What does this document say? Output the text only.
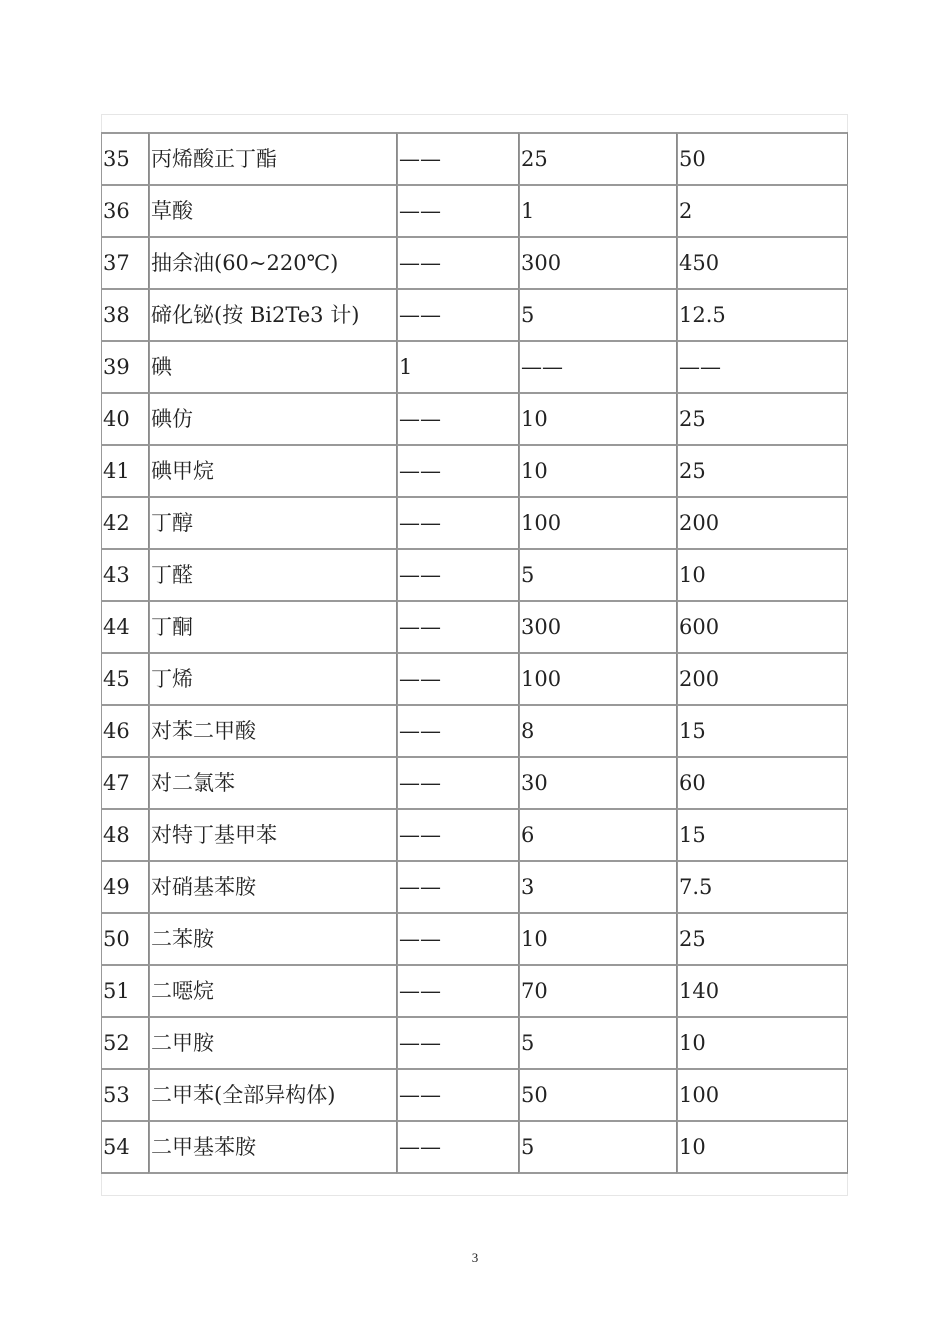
35	丙烯酸正丁酯	——	25	50
36	草酸	——	1	2
37	抽余油(60~220℃)	——	300	450
38	碲化铋(按 Bi2Te3 计)	——	5	12.5
39	碘	1	——	——
40	碘仿	——	10	25
41	碘甲烷	——	10	25
42	丁醇	——	100	200
43	丁醛	——	5	10
44	丁酮	——	300	600
45	丁烯	——	100	200
46	对苯二甲酸	——	8	15
47	对二氯苯	——	30	60
48	对特丁基甲苯	——	6	15
49	对硝基苯胺	——	3	7.5
50	二苯胺	——	10	25
51	二噁烷	——	70	140
52	二甲胺	——	5	10
53	二甲苯(全部异构体)	——	50	100
54	二甲基苯胺	——	5	10
3
